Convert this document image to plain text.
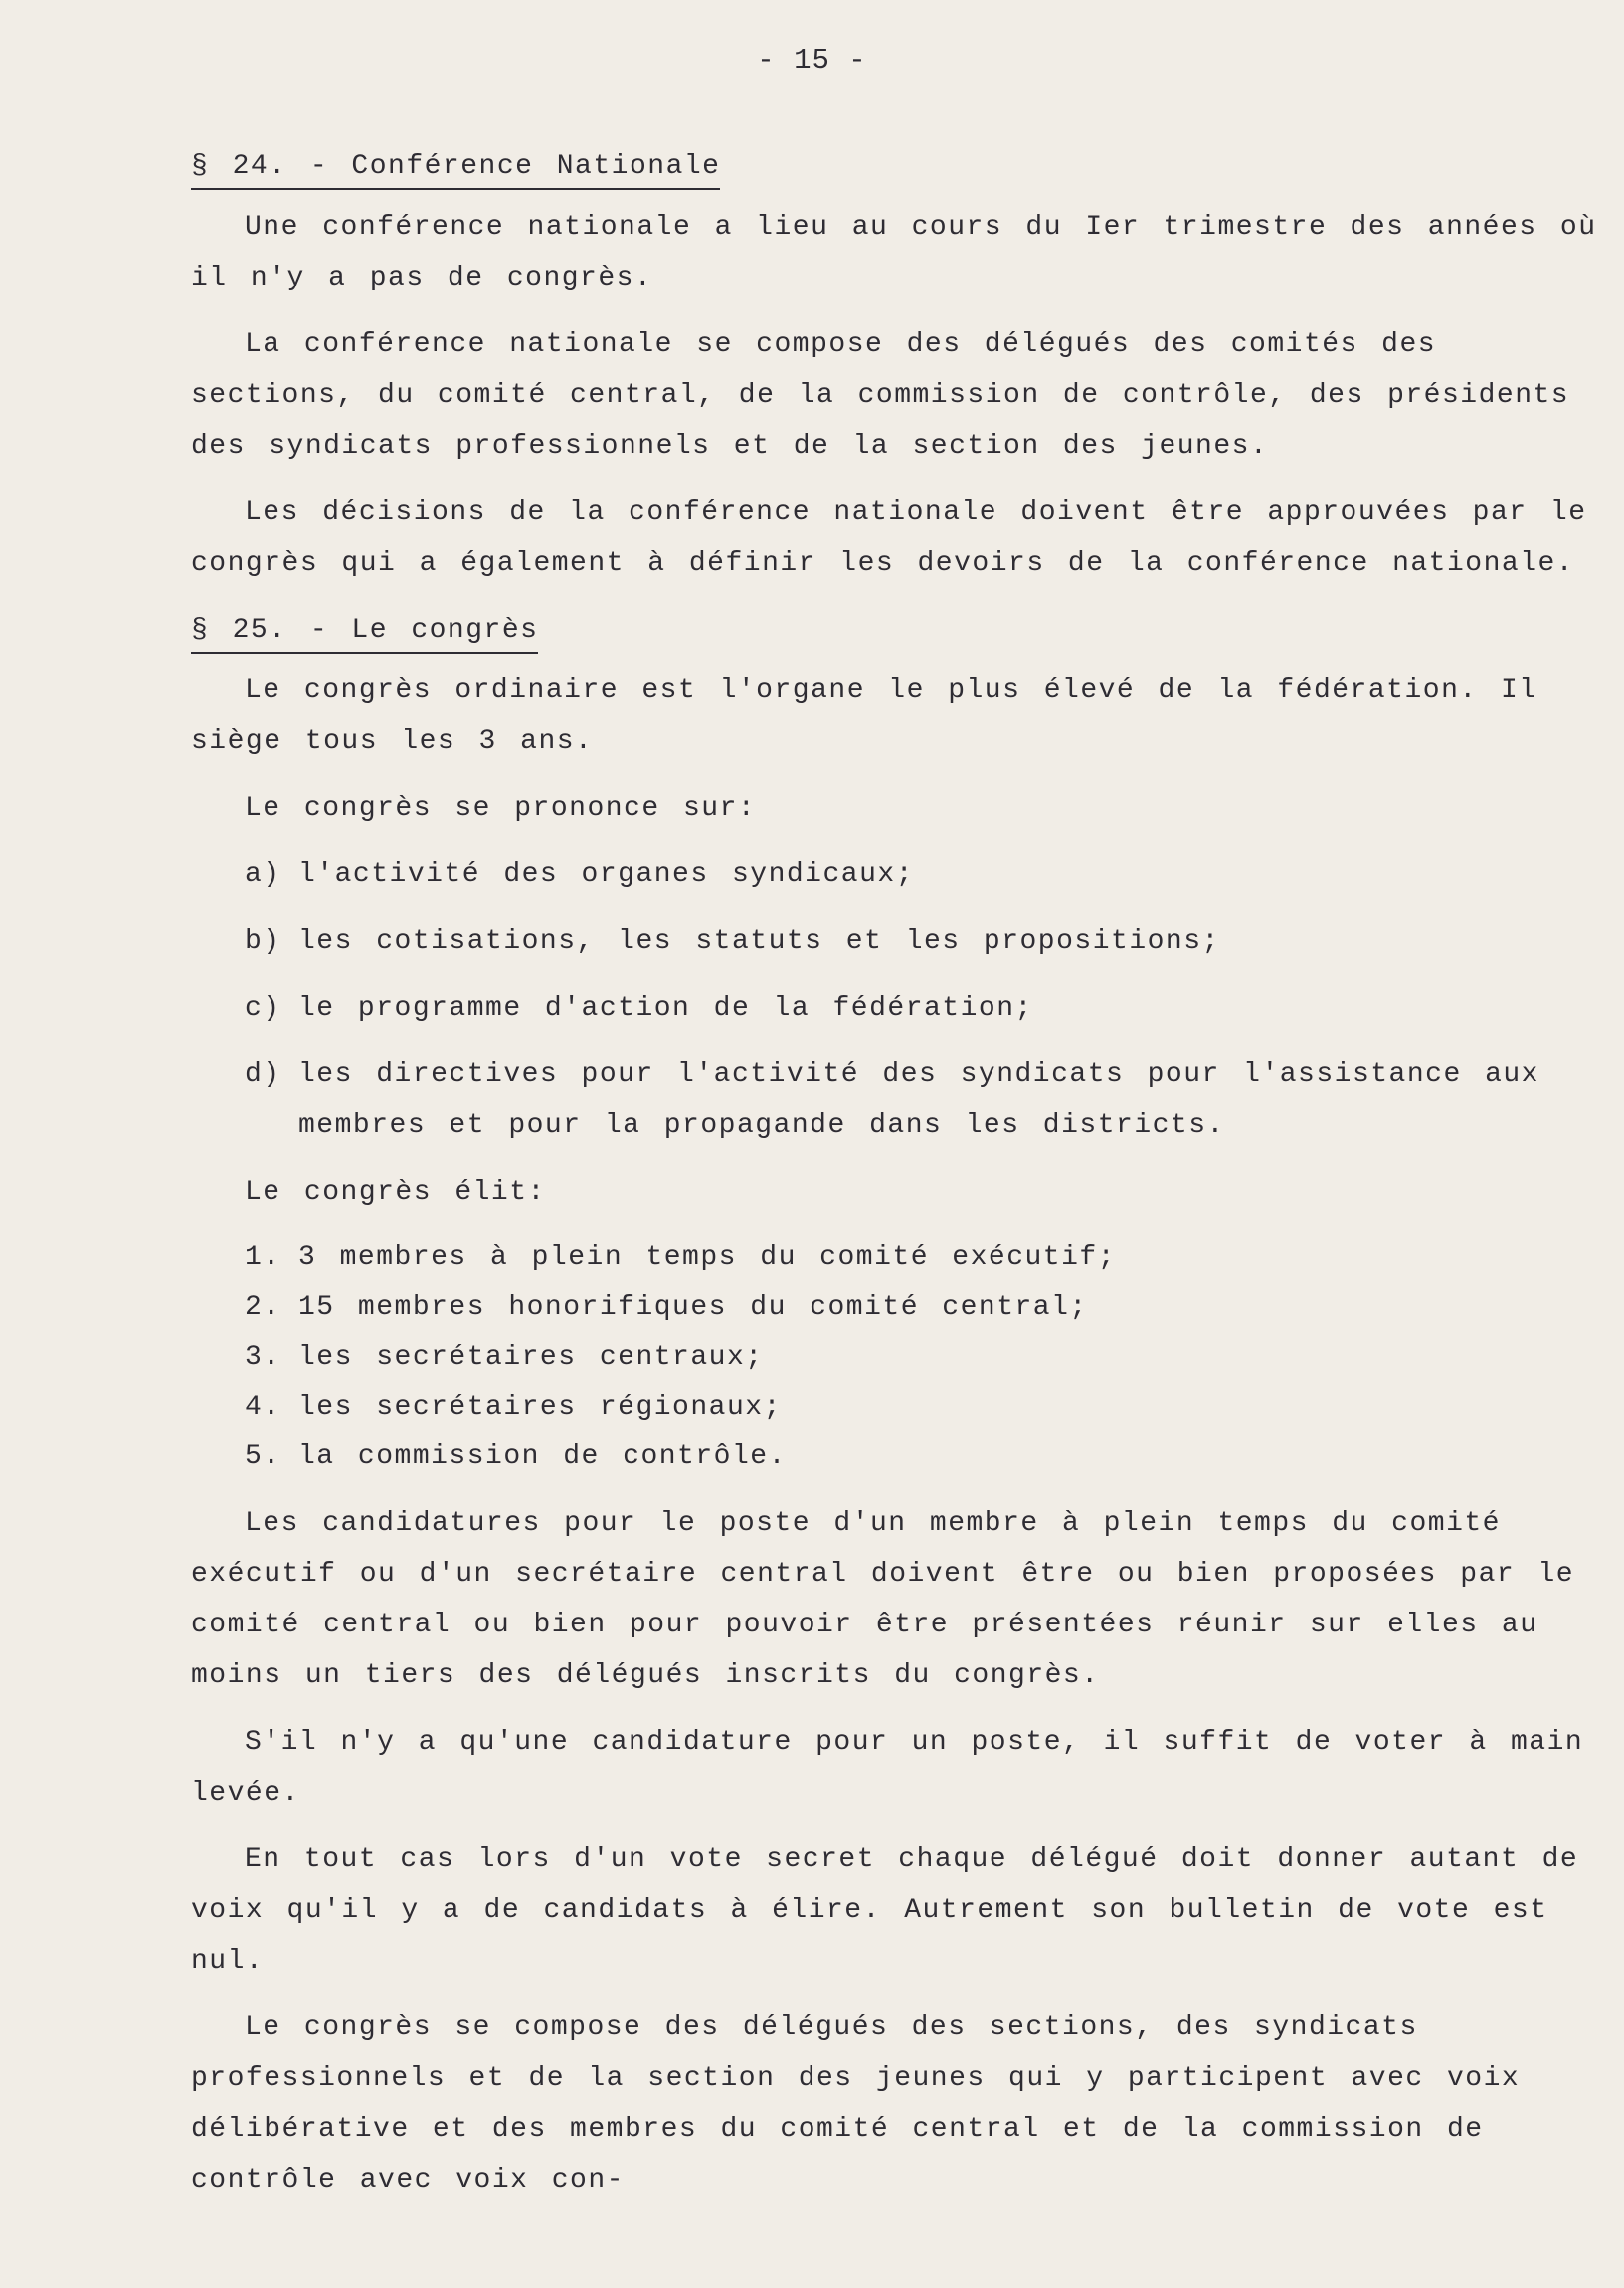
- 15 -
§ 24. - Conférence Nationale

Une conférence nationale a lieu au cours du Ier trimestre des années où il n'y a pas de congrès.

La conférence nationale se compose des délégués des comités des sections, du comité central, de la commission de contrôle, des présidents des syndicats professionnels et de la section des jeunes.

Les décisions de la conférence nationale doivent être approuvées par le congrès qui a également à définir les devoirs de la conférence nationale.

§ 25. - Le congrès

Le congrès ordinaire est l'organe le plus élevé de la fédération. Il siège tous les 3 ans.

Le congrès se prononce sur:

a) l'activité des organes syndicaux;
b) les cotisations, les statuts et les propositions;
c) le programme d'action de la fédération;
d) les directives pour l'activité des syndicats pour l'assistance aux membres et pour la propagande dans les districts.

Le congrès élit:

1. 3 membres à plein temps du comité exécutif;
2. 15 membres honorifiques du comité central;
3. les secrétaires centraux;
4. les secrétaires régionaux;
5. la commission de contrôle.

Les candidatures pour le poste d'un membre à plein temps du comité exécutif ou d'un secrétaire central doivent être ou bien proposées par le comité central ou bien pour pouvoir être présentées réunir sur elles au moins un tiers des délégués inscrits du congrès.

S'il n'y a qu'une candidature pour un poste, il suffit de voter à main levée.

En tout cas lors d'un vote secret chaque délégué doit donner autant de voix qu'il y a de candidats à élire. Autrement son bulletin de vote est nul.

Le congrès se compose des délégués des sections, des syndicats professionnels et de la section des jeunes qui y participent avec voix délibérative et des membres du comité central et de la commission de contrôle avec voix con-
